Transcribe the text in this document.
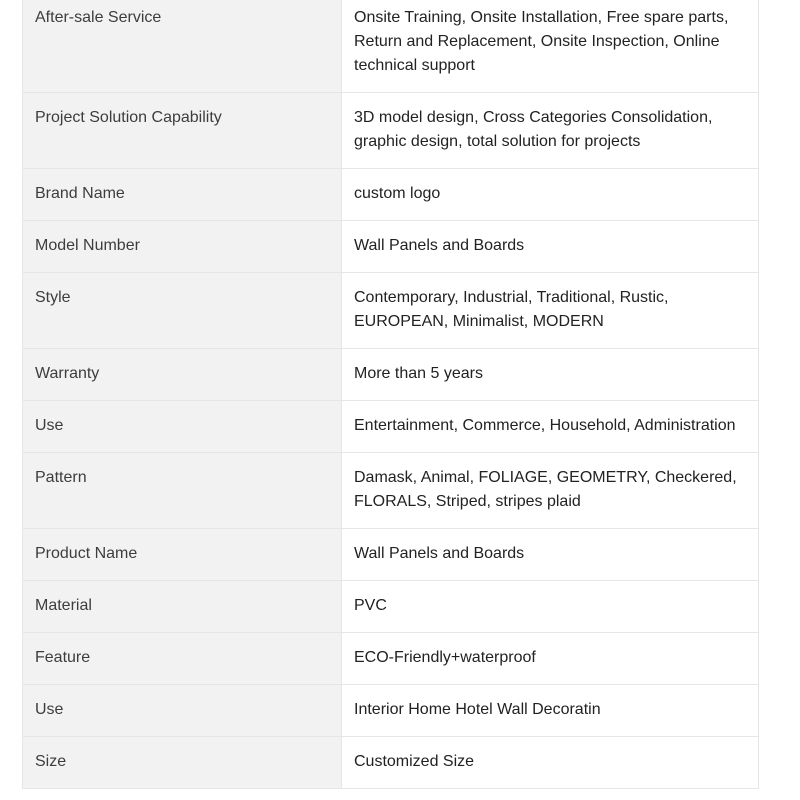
After-sale Service	Onsite Training, Onsite Installation, Free spare parts, Return and Replacement, Onsite Inspection, Online technical support
Project Solution Capability	3D model design, Cross Categories Consolidation, graphic design, total solution for projects
Brand Name	custom logo
Model Number	Wall Panels and Boards
Style	Contemporary, Industrial, Traditional, Rustic, EUROPEAN, Minimalist, MODERN
Warranty	More than 5 years
Use	Entertainment, Commerce, Household, Administration
Pattern	Damask, Animal, FOLIAGE, GEOMETRY, Checkered, FLORALS, Striped, stripes plaid
Product Name	Wall Panels and Boards
Material	PVC
Feature	ECO-Friendly+waterproof
Use	Interior Home Hotel Wall Decoratin
Size	Customized Size
